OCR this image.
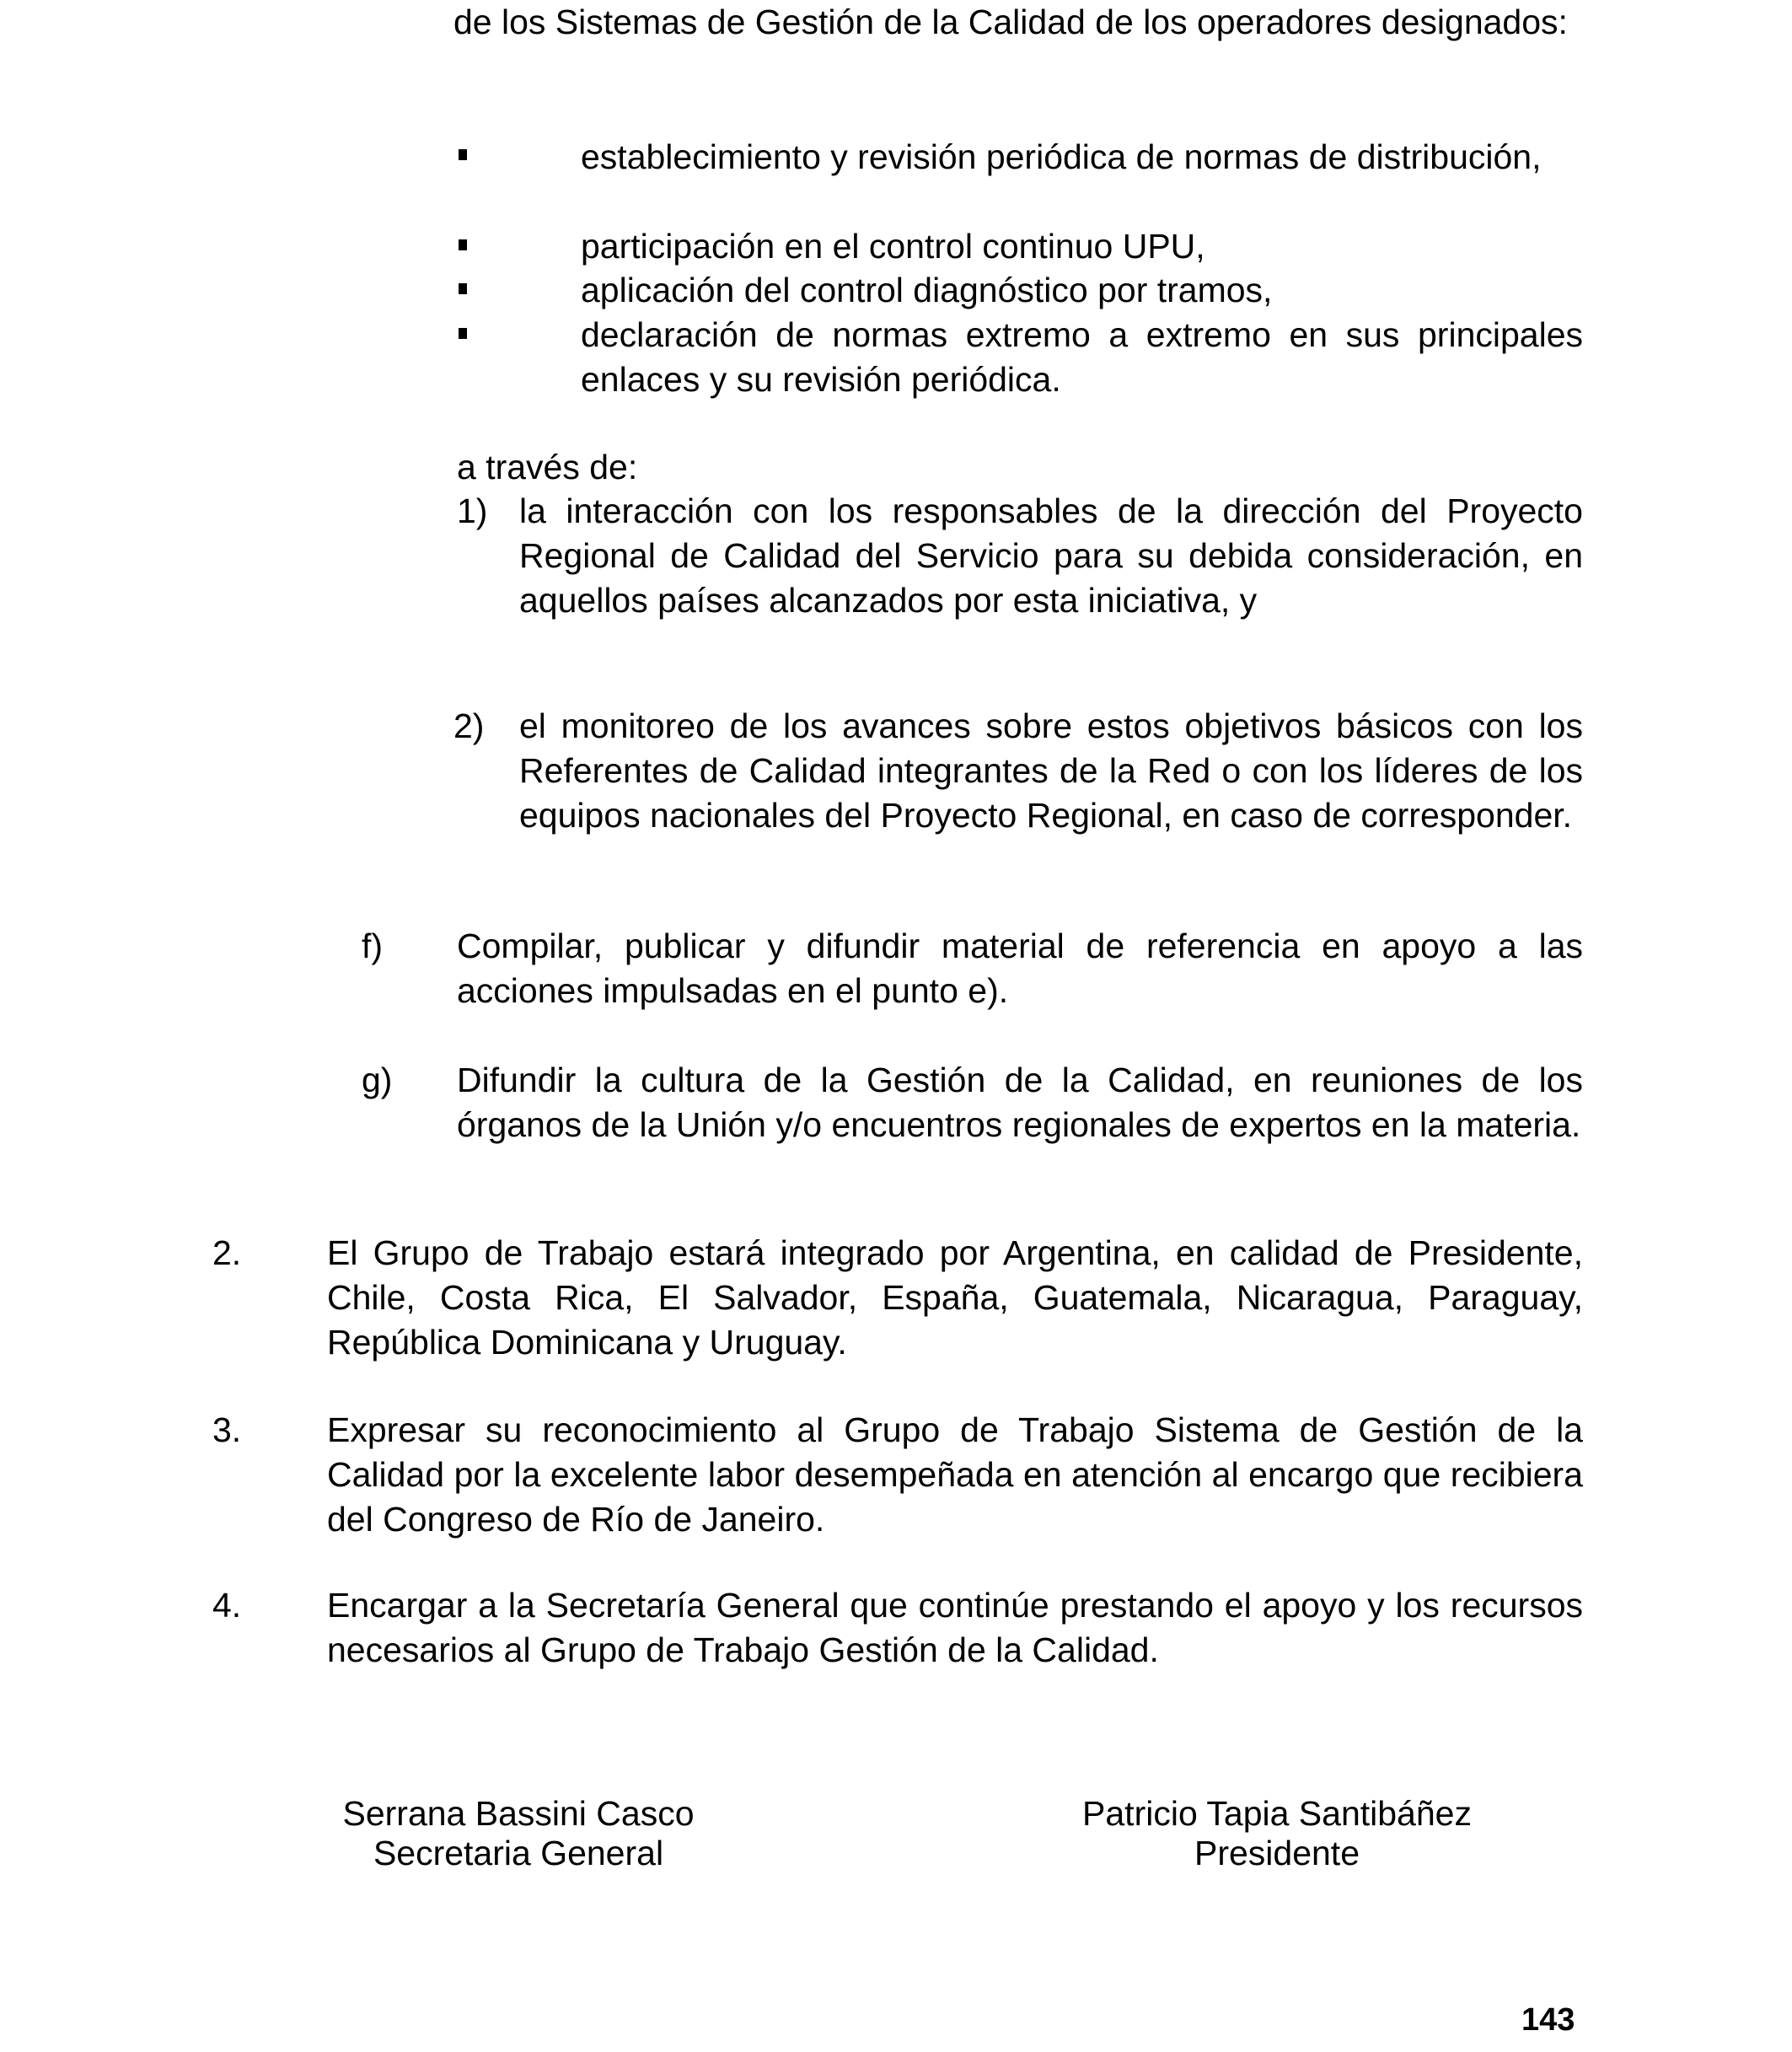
de los Sistemas de Gestión de la Calidad de los operadores designados:

establecimiento y revisión periódica de normas de distribución,

participación en el control continuo UPU,

aplicación del control diagnóstico por tramos,

declaración de normas extremo a extremo en sus principales enlaces y su revisión periódica.

a través de:

1) la interacción con los responsables de la dirección del Proyecto Regional de Calidad del Servicio para su debida consideración, en aquellos países alcanzados por esta iniciativa, y

2) el monitoreo de los avances sobre estos objetivos básicos con los Referentes de Calidad integrantes de la Red o con los líderes de los equipos nacionales del Proyecto Regional, en caso de corresponder.

f) Compilar, publicar y difundir material de referencia en apoyo a las acciones impulsadas en el punto e).

g) Difundir la cultura de la Gestión de la Calidad, en reuniones de los órganos de la Unión y/o encuentros regionales de expertos en la materia.

2. El Grupo de Trabajo estará integrado por Argentina, en calidad de Presidente, Chile, Costa Rica, El Salvador, España, Guatemala, Nicaragua, Paraguay, República Dominicana y Uruguay.

3. Expresar su reconocimiento al Grupo de Trabajo Sistema de Gestión de la Calidad por la excelente labor desempeñada en atención al encargo que recibiera del Congreso de Río de Janeiro.

4. Encargar a la Secretaría General que continúe prestando el apoyo y los recursos necesarios al Grupo de Trabajo Gestión de la Calidad.

Serrana Bassini Casco
Secretaria General
Patricio Tapia Santibáñez
Presidente
143
